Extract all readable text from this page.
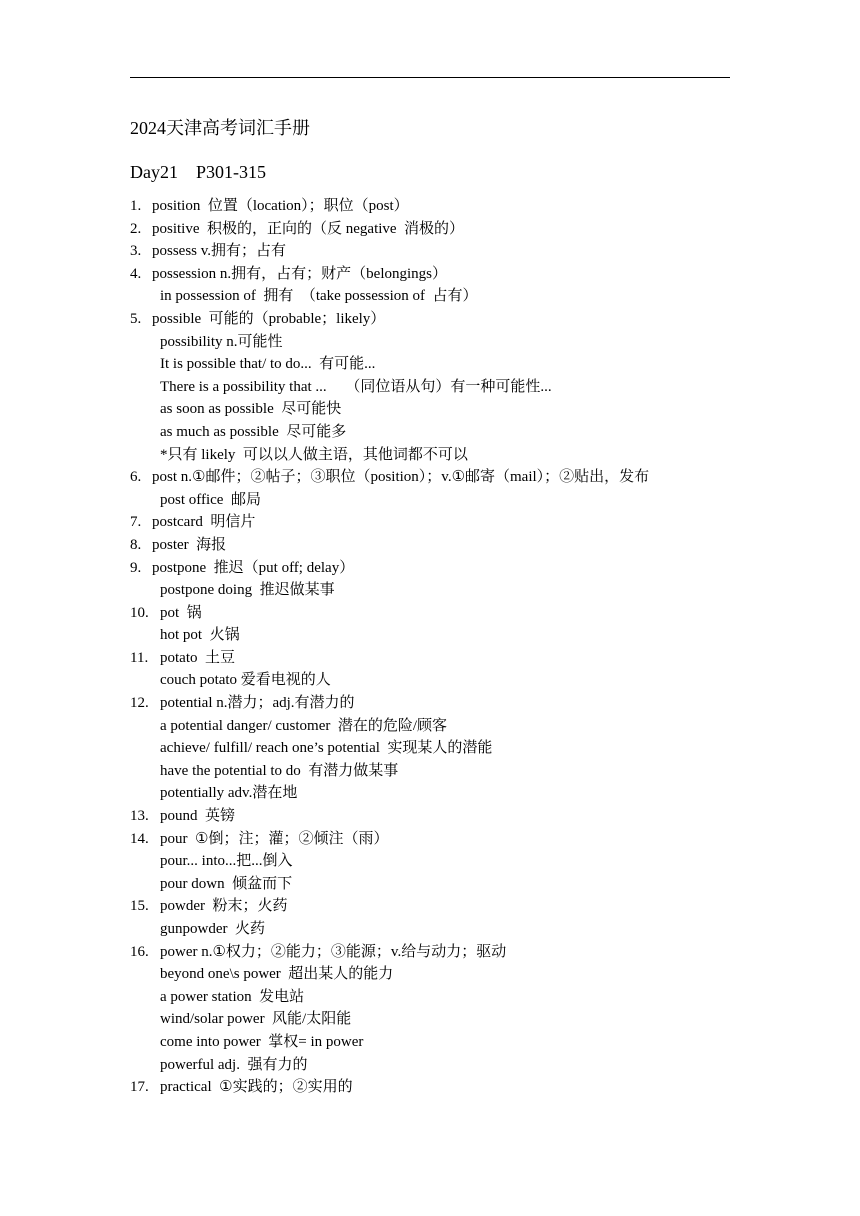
2024天津高考词汇手册
Day21    P301-315
1. position  位置（location）；职位（post）
2. positive  积极的，正向的（反 negative  消极的）
3. possess v.拥有；占有
4. possession n.拥有，占有；财产（belongings）
in possession of  拥有  （take possession of  占有）
5. possible  可能的（probable；likely）
possibility n.可能性
It is possible that/ to do...  有可能...
There is a possibility that ...     （同位语从句）有一种可能性...
as soon as possible  尽可能快
as much as possible  尽可能多
*只有 likely  可以以人做主语，其他词都不可以
6. post n.①邮件；②帖子；③职位（position）；v.①邮寄（mail）；②贴出，发布
post office  邮局
7. postcard  明信片
8. poster  海报
9. postpone  推迟（put off; delay）
postpone doing  推迟做某事
10. pot  锅
hot pot  火锅
11. potato  土豆
couch potato 爱看电视的人
12. potential n.潜力；adj.有潜力的
a potential danger/ customer  潜在的危险/顾客
achieve/ fulfill/ reach one’s potential  实现某人的潜能
have the potential to do  有潜力做某事
potentially adv.潜在地
13. pound  英镑
14. pour  ①倒；注；灌；②倾注（雨）
pour... into...把...倒入
pour down  倾盆而下
15. powder  粉末；火药
gunpowder  火药
16. power n.①权力；②能力；③能源；v.给与动力；驱动
beyond one\s power  超出某人的能力
a power station  发电站
wind/solar power  风能/太阳能
come into power  掌权= in power
powerful adj.  强有力的
17. practical  ①实践的；②实用的
